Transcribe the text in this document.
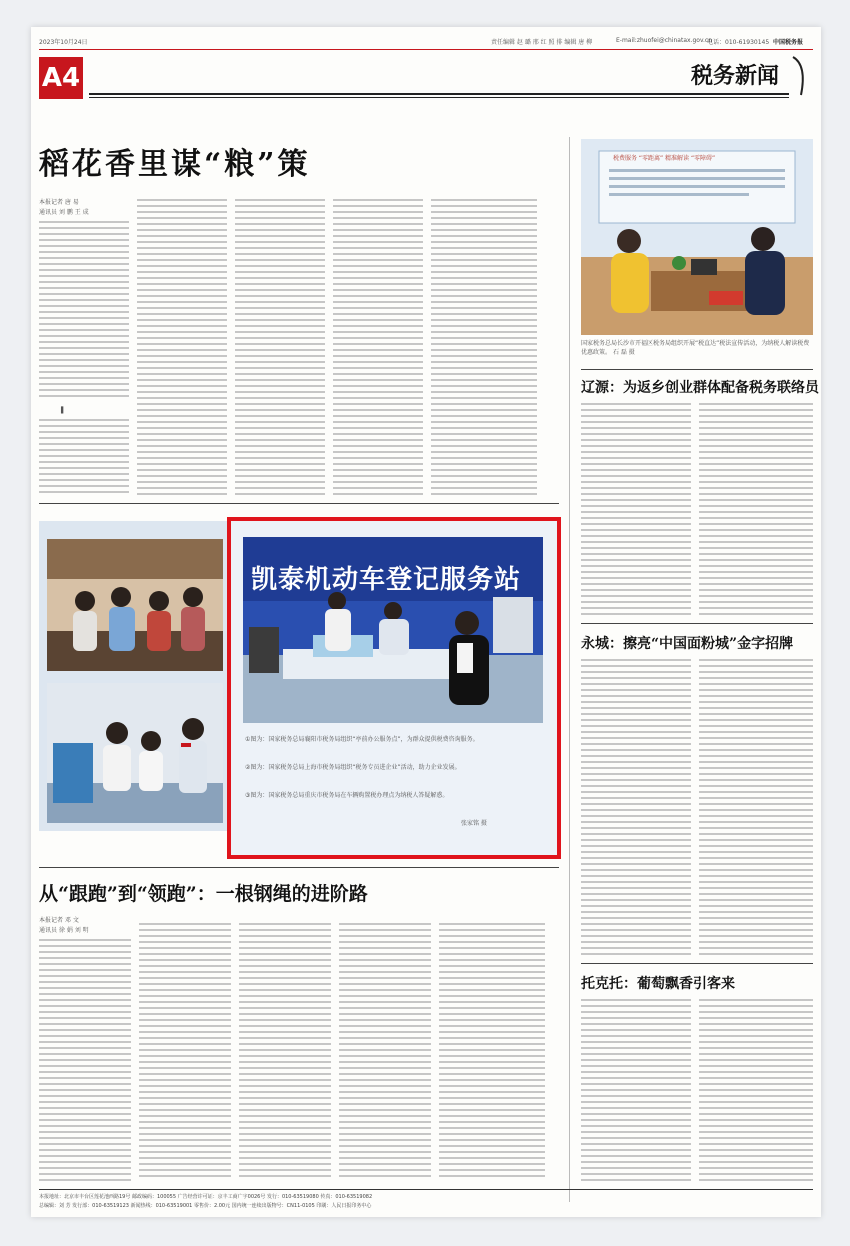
2023年10月24日	责任编辑 赵 璐 邢 红 照 排 编辑 唐 柳	E-mail:zhuofei@chinatax.gov.cn
电话：010-61930145 中国税务报
A4	税务新闻
稻花香里谋“粮”策
本报记者 唐 易
通讯员 刘 鹏 王 成
▌
税费服务 “零距离” 精准解读 “零障碍”
国家税务总局长沙市开福区税务局组织开展“税直达”税法宣传活动，为纳税人解读税费优惠政策。 石 磊 摄
辽源：为返乡创业群体配备税务联络员
凯泰机动车登记服务站
①图为：国家税务总局襄阳市税务局组织“亭前办公服务点”，为群众提供税费咨询服务。
②图为：国家税务总局上海市税务局组织“税务专员进企业”活动，助力企业发展。
③图为：国家税务总局重庆市税务局在车辆购置税办理点为纳税人答疑解惑。
张家铭 摄
从“跟跑”到“领跑”：一根钢绳的进阶路
本报记者 邓 文
通讯员 徐 娟 刘 明
永城：擦亮“中国面粉城”金字招牌
托克托：葡萄飘香引客来
本报地址：北京市丰台区莲花池西路19号 邮政编码：100055 广告经营许可证：京丰工商广字0026号 发行：010-63519080 传真：010-63519082
总编辑：刘 芳 发行部：010-63519123 新闻热线：010-63519001 零售价：2.00元 国内统一连续出版物号：CN11-0105 印刷：人民日报印务中心
